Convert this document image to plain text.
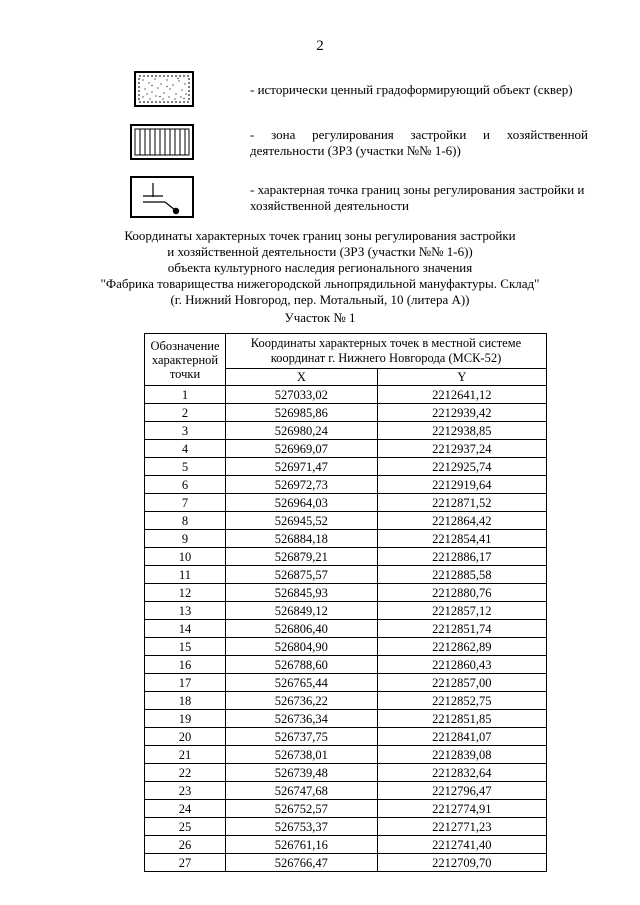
2
- исторически ценный градоформирующий объект (сквер)
- зона регулирования застройки и хозяйственной
деятельности (ЗРЗ (участки №№ 1-6))
- характерная точка границ зоны регулирования застройки и
хозяйственной деятельности
Координаты характерных точек границ зоны регулирования застройки
и хозяйственной деятельности (ЗРЗ (участки №№ 1-6))
объекта культурного наследия регионального значения
"Фабрика товарищества нижегородской льнопрядильной мануфактуры. Склад"
(г. Нижний Новгород, пер. Мотальный, 10 (литера А))
Участок № 1
Обозначение характерной точки	Координаты характерных точек в местной системе координат г. Нижнего Новгорода (МСК-52)	
	X	Y
1	527033,02	2212641,12
2	526985,86	2212939,42
3	526980,24	2212938,85
4	526969,07	2212937,24
5	526971,47	2212925,74
6	526972,73	2212919,64
7	526964,03	2212871,52
8	526945,52	2212864,42
9	526884,18	2212854,41
10	526879,21	2212886,17
11	526875,57	2212885,58
12	526845,93	2212880,76
13	526849,12	2212857,12
14	526806,40	2212851,74
15	526804,90	2212862,89
16	526788,60	2212860,43
17	526765,44	2212857,00
18	526736,22	2212852,75
19	526736,34	2212851,85
20	526737,75	2212841,07
21	526738,01	2212839,08
22	526739,48	2212832,64
23	526747,68	2212796,47
24	526752,57	2212774,91
25	526753,37	2212771,23
26	526761,16	2212741,40
27	526766,47	2212709,70
